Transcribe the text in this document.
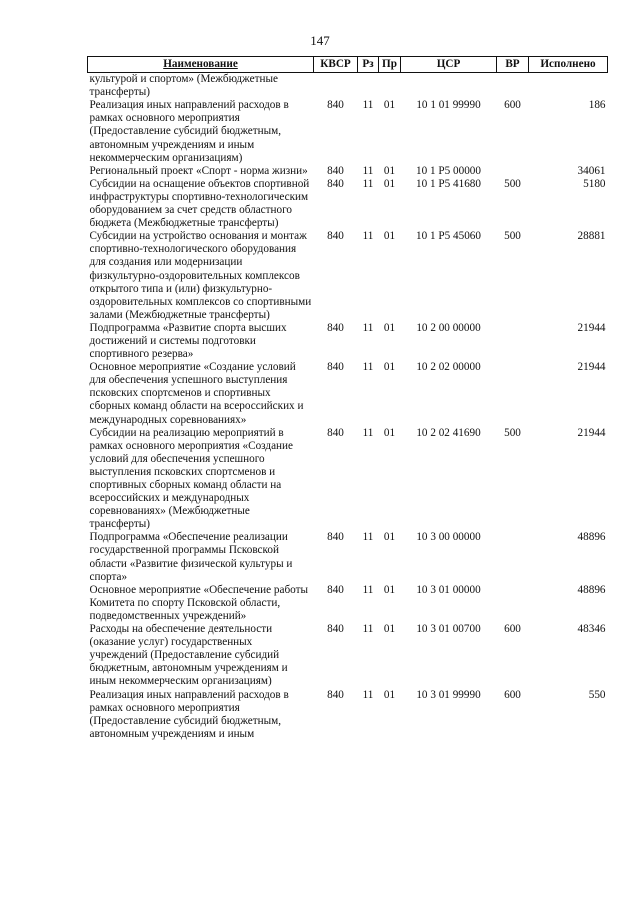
147
Наименование	КВСР	Рз	Пр	ЦСР	ВР	Исполнено
культурой и спортом» (Межбюджетные трансферты)						
Реализация иных направлений расходов в рамках основного мероприятия (Предоставление субсидий бюджетным, автономным учреждениям и иным некоммерческим организациям)	840	11	01	10 1 01 99990	600	186
Региональный проект «Спорт - норма жизни»	840	11	01	10 1 P5 00000		34061
Субсидии на оснащение объектов спортивной инфраструктуры спортивно-технологическим оборудованием за счет средств областного бюджета (Межбюджетные трансферты)	840	11	01	10 1 P5 41680	500	5180
Субсидии на устройство основания и монтаж спортивно-технологического оборудования для создания или модернизации физкультурно-оздоровительных комплексов открытого типа и (или) физкультурно-оздоровительных комплексов со спортивными залами (Межбюджетные трансферты)	840	11	01	10 1 P5 45060	500	28881
Подпрограмма «Развитие спорта высших достижений и системы подготовки спортивного резерва»	840	11	01	10 2 00 00000		21944
Основное мероприятие «Создание условий для обеспечения успешного выступления псковских спортсменов и спортивных сборных команд области на всероссийских и международных соревнованиях»	840	11	01	10 2 02 00000		21944
Субсидии на реализацию мероприятий в рамках основного мероприятия «Создание условий для обеспечения успешного выступления псковских спортсменов и спортивных сборных команд области на всероссийских и международных соревнованиях» (Межбюджетные трансферты)	840	11	01	10 2 02 41690	500	21944
Подпрограмма «Обеспечение реализации государственной программы Псковской области «Развитие физической культуры и спорта»	840	11	01	10 3 00 00000		48896
Основное мероприятие «Обеспечение работы Комитета по спорту Псковской области, подведомственных учреждений»	840	11	01	10 3 01 00000		48896
Расходы на обеспечение деятельности (оказание услуг) государственных учреждений (Предоставление субсидий бюджетным, автономным учреждениям и иным некоммерческим организациям)	840	11	01	10 3 01 00700	600	48346
Реализация иных направлений расходов в рамках основного мероприятия (Предоставление субсидий бюджетным, автономным учреждениям и иным	840	11	01	10 3 01 99990	600	550
